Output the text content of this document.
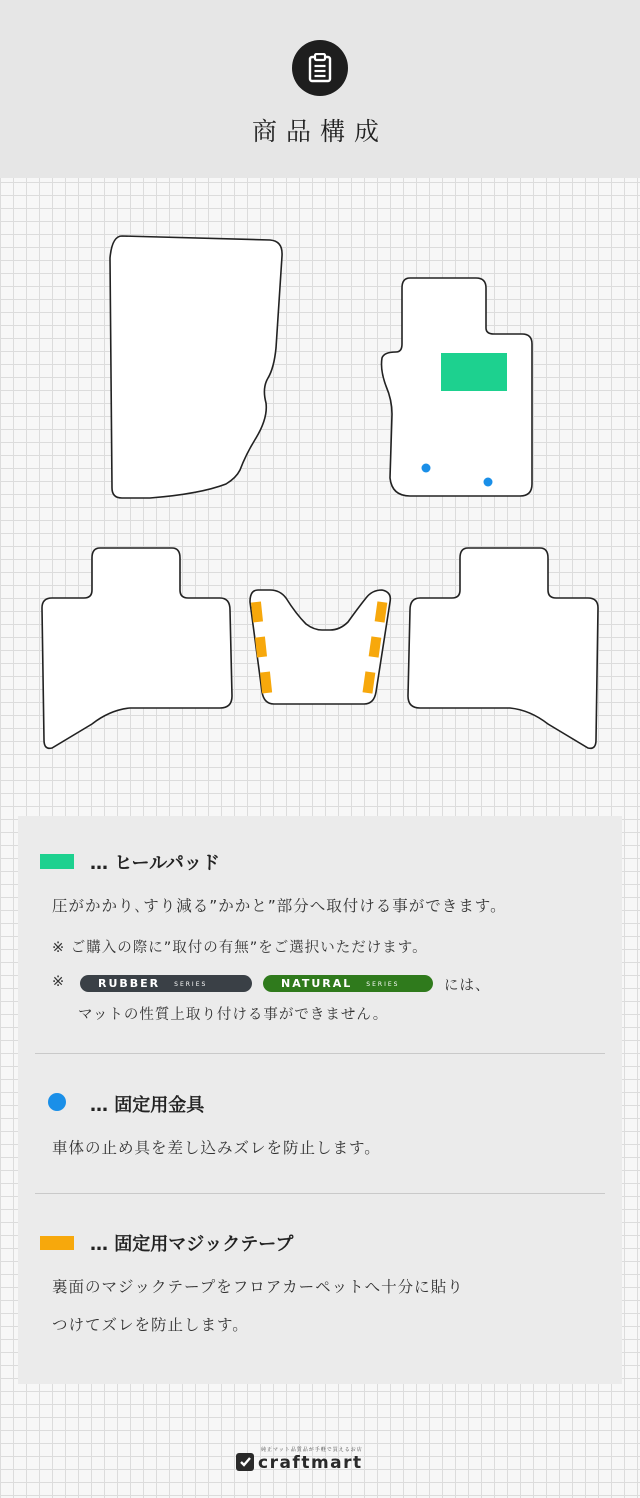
商品構成
… ヒールパッド
圧がかかり､すり減る”かかと”部分へ取付ける事ができます。
※ ご購入の際に”取付の有無”をご選択いただけます。
※	RUBBER SERIES	NATURAL SERIES	には、
マットの性質上取り付ける事ができません。
… 固定用金具
車体の止め具を差し込みズレを防止します。
… 固定用マジックテープ
裏面のマジックテープをフロアカーペットへ十分に貼り
つけてズレを防止します。
純正マット品質品が手軽で買えるお店
craftmart
